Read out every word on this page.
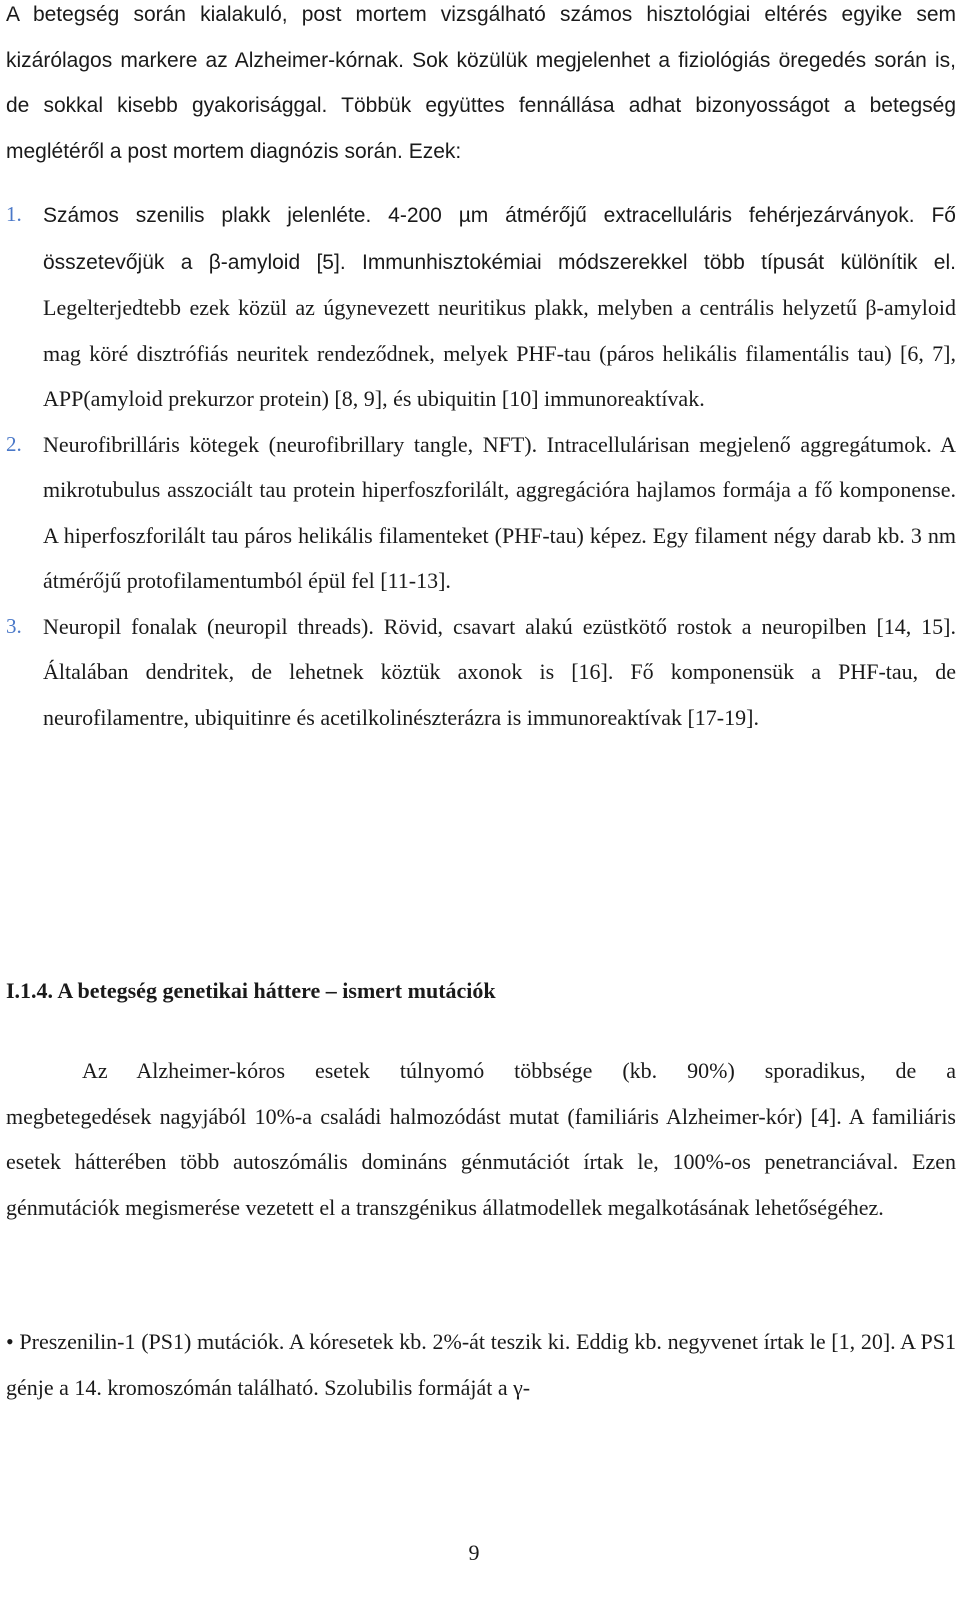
A betegség során kialakuló, post mortem vizsgálható számos hisztológiai eltérés egyike sem kizárólagos markere az Alzheimer-kórnak. Sok közülük megjelenhet a fiziológiás öregedés során is, de sokkal kisebb gyakorisággal. Többük együttes fennállása adhat bizonyosságot a betegség meglétéről a post mortem diagnózis során. Ezek:

1. Számos szenilis plakk jelenléte. 4-200 µm átmérőjű extracelluláris fehérjezárványok. Fő összetevőjük a β-amyloid [5]. Immunhisztokémiai módszerekkel több típusát különítik el. Legelterjedtebb ezek közül az úgynevezett neuritikus plakk, melyben a centrális helyzetű β-amyloid mag köré disztrófiás neuritek rendeződnek, melyek PHF-tau (páros helikális filamentális tau) [6, 7], APP(amyloid prekurzor protein) [8, 9], és ubiquitin [10] immunoreaktívak.

2. Neurofibrilláris kötegek (neurofibrillary tangle, NFT). Intracellulárisan megjelenő aggregátumok. A mikrotubulus asszociált tau protein hiperfoszforilált, aggregációra hajlamos formája a fő komponense. A hiperfoszforilált tau páros helikális filamenteket (PHF-tau) képez. Egy filament négy darab kb. 3 nm átmérőjű protofilamentumból épül fel [11-13].

3. Neuropil fonalak (neuropil threads). Rövid, csavart alakú ezüstkötő rostok a neuropilben [14, 15]. Általában dendritek, de lehetnek köztük axonok is [16]. Fő komponensük a PHF-tau, de neurofilamentre, ubiquitinre és acetilkolinészterázra is immunoreaktívak [17-19].

I.1.4. A betegség genetikai háttere – ismert mutációk

Az Alzheimer-kóros esetek túlnyomó többsége (kb. 90%) sporadikus, de a

megbetegedések nagyjából 10%-a családi halmozódást mutat (familiáris Alzheimer-kór) [4]. A familiáris esetek hátterében több autoszómális domináns génmutációt írtak le, 100%-os penetranciával. Ezen génmutációk megismerése vezetett el a transzgénikus állatmodellek megalkotásának lehetőségéhez.

• Preszenilin-1 (PS1) mutációk. A kóresetek kb. 2%-át teszik ki. Eddig kb. negyvenet írtak le [1, 20]. A PS1 génje a 14. kromoszómán található. Szolubilis formáját a γ-

9
